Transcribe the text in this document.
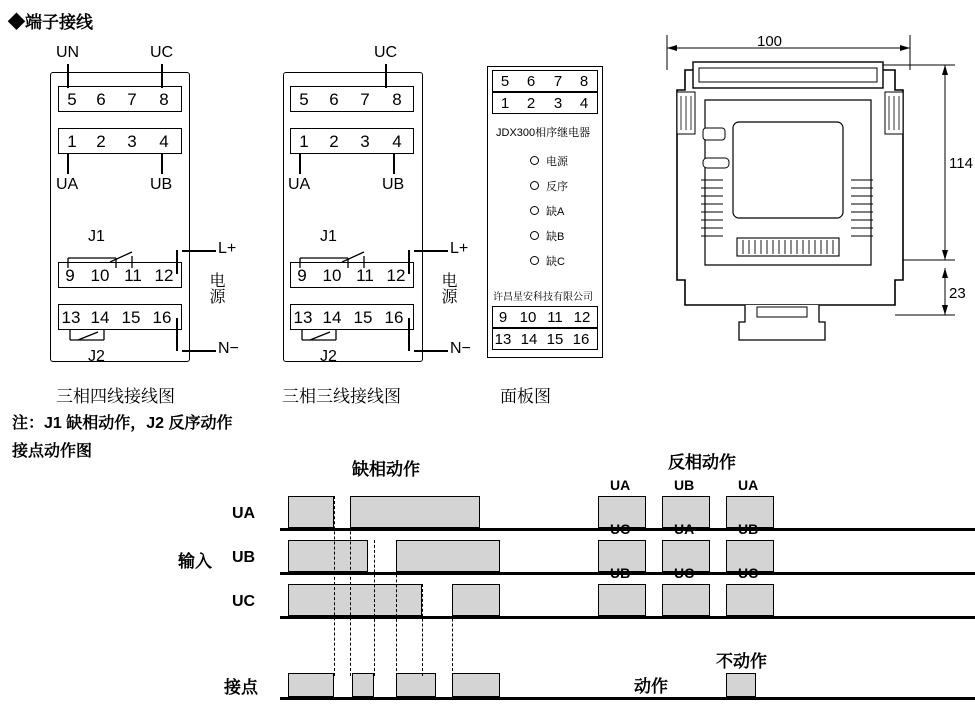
◆端子接线
UN	UC
5	6	7	8
1	2	3	4
UA	UB
J1
9 10 11 12
13 14 15 16
J2
L+
N−
电源
三相四线接线图
UC
5	6	7	8
1	2	3	4
UA	UB
J1
9 10 11 12
13 14 15 16
J2
L+
N−
电源
三相三线接线图
5	6	7	8
1	2	3	4
JDX300相序继电器
电源
反序
缺A
缺B
缺C
许昌星安科技有限公司
9 10 11 12
13 14 15 16
面板图
100
114
23
注：J1 缺相动作，J2 反序动作
接点动作图
缺相动作	反相动作
输入
UA
UA	UB	UA
UB
UC	UA	UB
UC
UB	UC	UC
接点	动作
不动作
